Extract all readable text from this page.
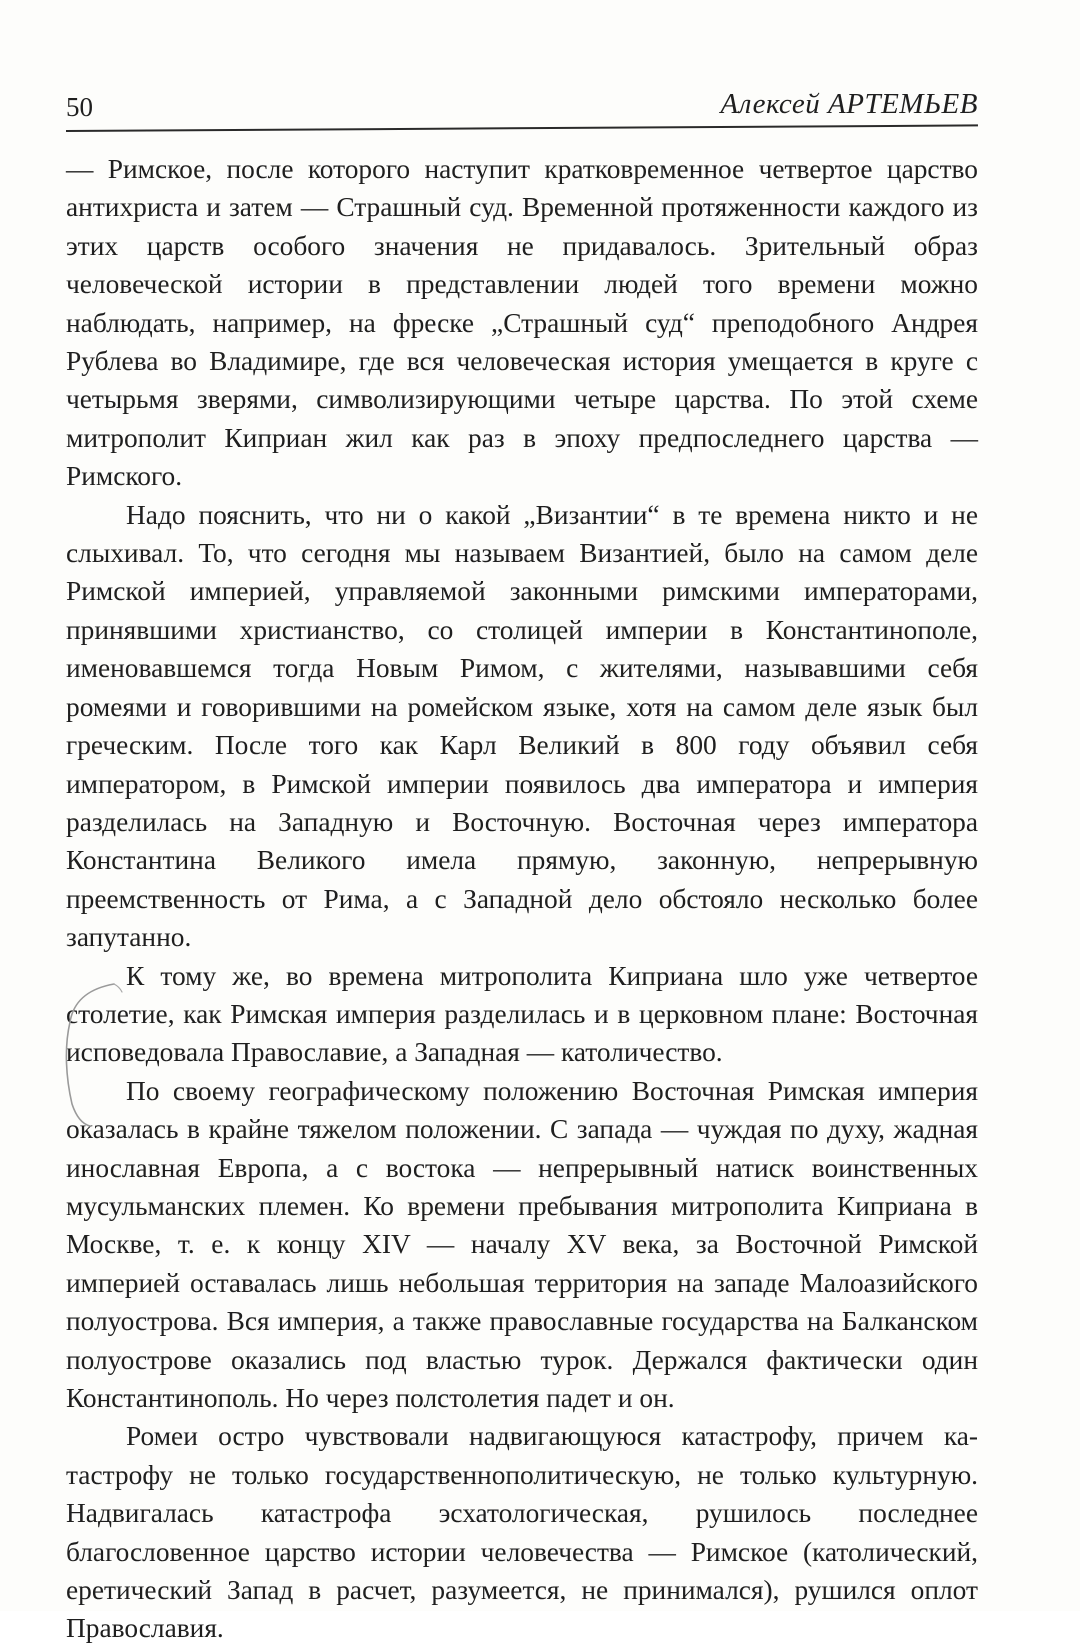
50	Алексей АРТЕМЬЕВ

— Римское, после которого наступит кратковременное четвертое царство антихриста и затем — Страшный суд. Временной протяженности каждого из этих царств особого значения не придавалось. Зрительный образ человеческой истории в представлении людей того времени можно наблюдать, например, на фреске „Страшный суд“ преподобного Андрея Рублева во Владимире, где вся человеческая история умещается в круге с четырьмя зверями, символизирующими четыре царства. По этой схеме митрополит Киприан жил как раз в эпоху предпоследнего царства — Римского.

Надо пояснить, что ни о какой „Византии“ в те времена никто и не слыхивал. То, что сегодня мы называем Византией, было на самом деле Римской империей, управляемой законными римскими императорами, принявшими христианство, со столицей империи в Константинополе, именовавшемся тогда Новым Римом, с жителями, называвшими себя ромеями и говорившими на ромейском языке, хотя на самом деле язык был греческим. После того как Карл Великий в 800 году объявил себя императором, в Римской империи появилось два императора и империя разделилась на Западную и Восточную. Восточная через императора Константина Великого имела прямую, законную, непрерывную преемственность от Рима, а с Западной дело обстояло несколько более запутанно.

К тому же, во времена митрополита Киприана шло уже четвертое столетие, как Римская империя разделилась и в церковном плане: Восточная исповедовала Православие, а Западная — католичество.

По своему географическому положению Восточная Римская империя оказалась в крайне тяжелом положении. С запада — чуждая по духу, жадная инославная Европа, а с востока — непрерывный натиск воинственных мусульманских племен. Ко времени пребывания митрополита Киприана в Москве, т. е. к концу XIV — началу XV века, за Восточной Римской империей оставалась лишь небольшая территория на западе Малоазийского полуострова. Вся империя, а также православные государства на Балканском полуострове оказались под властью турок. Держался фактически один Константинополь. Но через полстолетия падет и он.

Ромеи остро чувствовали надвигающуюся катастрофу, причем катастрофу не только государственнополитическую, не только культурную. Надвигалась катастрофа эсхатологическая, рушилось последнее благословенное царство истории человечества — Римское (католический, еретический Запад в расчет, разумеется, не принимался), рушился оплот Православия.
